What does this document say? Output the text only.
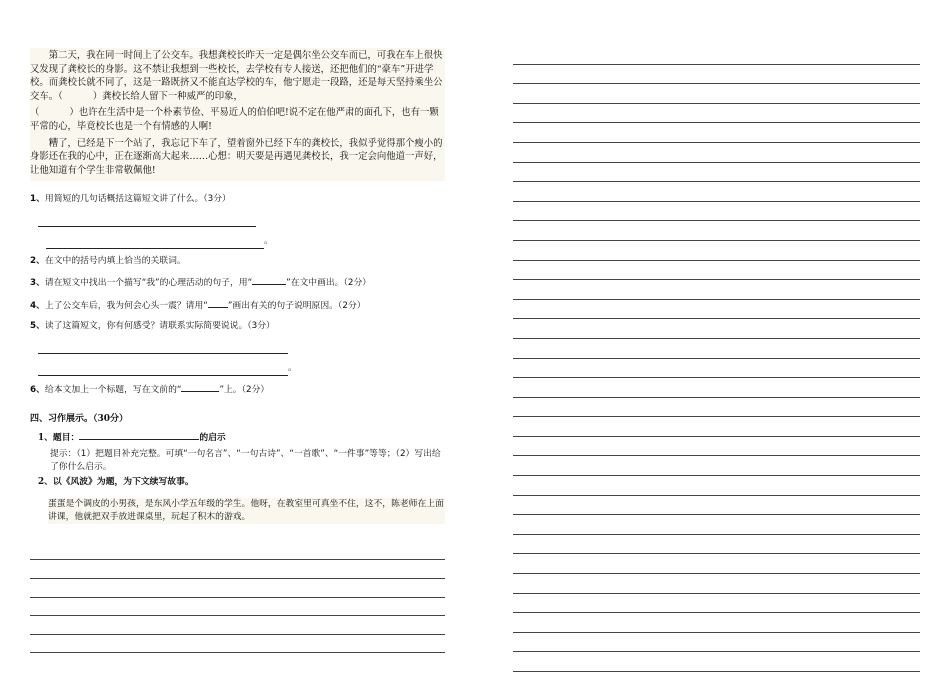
第二天，我在同一时间上了公交车。我想龚校长昨天一定是偶尔坐公交车而已，可我在车上很快又发现了龚校长的身影。这不禁让我想到一些校长，去学校有专人接送，还把他们的“豪车”开进学校。而龚校长就不同了，这是一路既挤又不能直达学校的车，他宁愿走一段路，还是每天坚持乘坐公交车。（	）龚校长给人留下一种威严的印象，

（	）也许在生活中是一个朴素节俭、平易近人的伯伯吧!说不定在他严肃的面孔下，也有一颗平常的心，毕竟校长也是一个有情感的人啊!

糟了，已经是下一个站了，我忘记下车了，望着窗外已经下车的龚校长，我似乎觉得那个瘦小的身影还在我的心中，正在逐渐高大起来……心想：明天要是再遇见龚校长，我一定会向他道一声好，让他知道有个学生非常敬佩他!

1、用简短的几句话概括这篇短文讲了什么。（3分）
。
2、在文中的括号内填上恰当的关联词。
3、请在短文中找出一个描写“我”的心理活动的句子，用“	”在文中画出。（2分）
4、上了公交车后，我为何会心头一震？请用“ ”画出有关的句子说明原因。（2分）
5、读了这篇短文，你有何感受？请联系实际简要说说。（3分）
。
6、给本文加上一个标题，写在文前的“	”上。（2分）
四、习作展示。（30分）
1、题目：	的启示
提示：（1）把题目补充完整。可填“一句名言”、“一句古诗”、“一首歌”、“一件事”等等；（2）写出给了你什么启示。
2、以《风波》为题，为下文续写故事。
蛋蛋是个调皮的小男孩，是东风小学五年级的学生。他呀，在教室里可真坐不住，这不，陈老师在上面讲课，他就把双手放进课桌里，玩起了积木的游戏。
